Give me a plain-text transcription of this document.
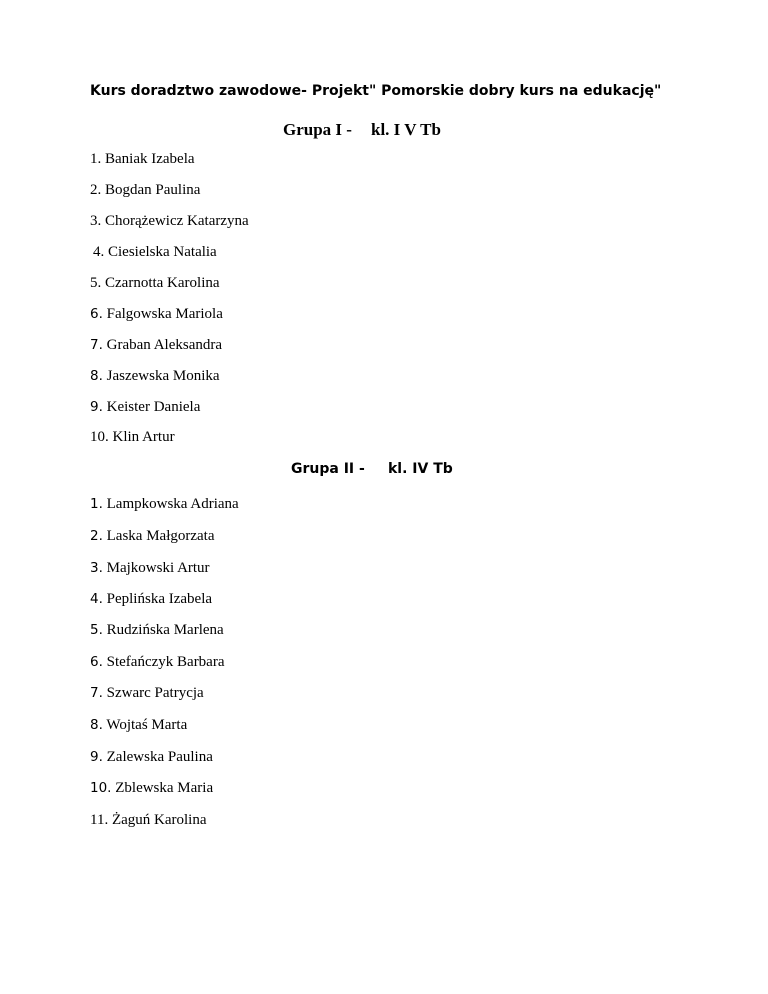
Kurs doradztwo zawodowe- Projekt" Pomorskie dobry kurs na edukację"
Grupa I - kl. I V Tb
1. Baniak Izabela
2. Bogdan Paulina
3. Chorążewicz Katarzyna
4. Ciesielska Natalia
5. Czarnotta Karolina
6. Falgowska Mariola
7. Graban Aleksandra
8. Jaszewska Monika
9. Keister Daniela
10. Klin Artur
Grupa II - kl. IV Tb
1. Lampkowska Adriana
2. Laska Małgorzata
3. Majkowski Artur
4. Peplińska Izabela
5. Rudzińska Marlena
6. Stefańczyk Barbara
7. Szwarc Patrycja
8. Wojtaś Marta
9. Zalewska Paulina
10. Zblewska Maria
11. Żaguń Karolina
